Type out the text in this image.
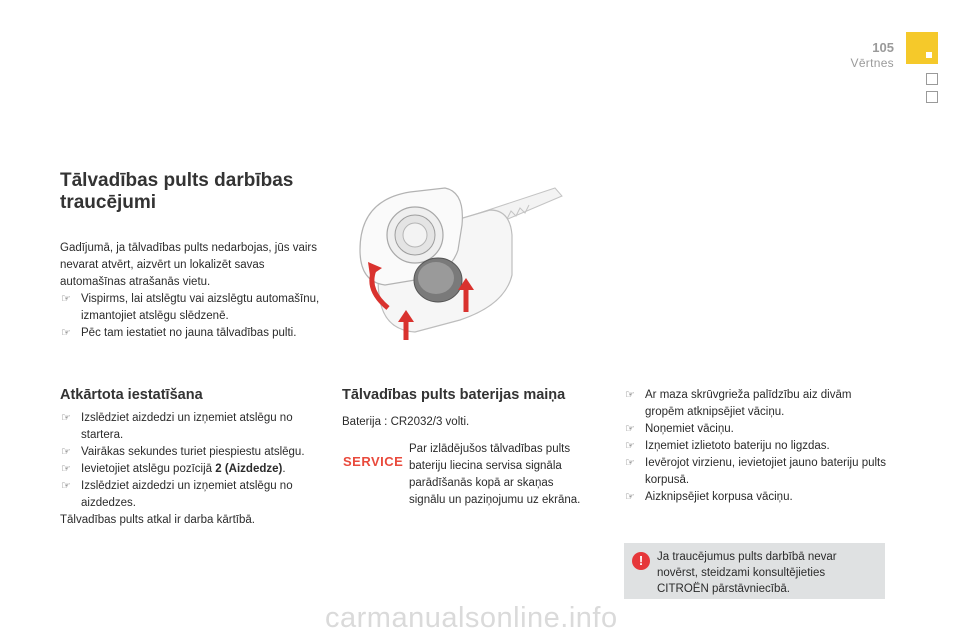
105
Vērtnes
Tālvadības pults darbības traucējumi
Gadījumā, ja tālvadības pults nedarbojas, jūs vairs nevarat atvērt, aizvērt un lokalizēt savas automašīnas atrašanās vietu.
☞ Vispirms, lai atslēgtu vai aizslēgtu automašīnu, izmantojiet atslēgu slēdzenē.
☞ Pēc tam iestatiet no jauna tālvadības pulti.
Atkārtota iestatīšana
☞ Izslēdziet aizdedzi un izņemiet atslēgu no startera.
☞ Vairākas sekundes turiet piespiestu atslēgu.
☞ Ievietojiet atslēgu pozīcijā 2 (Aizdedze).
☞ Izslēdziet aizdedzi un izņemiet atslēgu no aizdedzes.
Tālvadības pults atkal ir darba kārtībā.
Tālvadības pults baterijas maiņa
Baterija : CR2032/3 volti.
SERVICE
Par izlādējušos tālvadības pults bateriju liecina servisa signāla parādīšanās kopā ar skaņas signālu un paziņojumu uz ekrāna.
☞ Ar maza skrūvgrieža palīdzību aiz divām gropēm atknipsējiet vāciņu.
☞ Noņemiet vāciņu.
☞ Izņemiet izlietoto bateriju no ligzdas.
☞ Ievērojot virzienu, ievietojiet jauno bateriju pults korpusā.
☞ Aizknipsējiet korpusa vāciņu.
!	Ja traucējumus pults darbībā nevar novērst, steidzami konsultējieties CITROËN pārstāvniecībā.
carmanualsonline.info
